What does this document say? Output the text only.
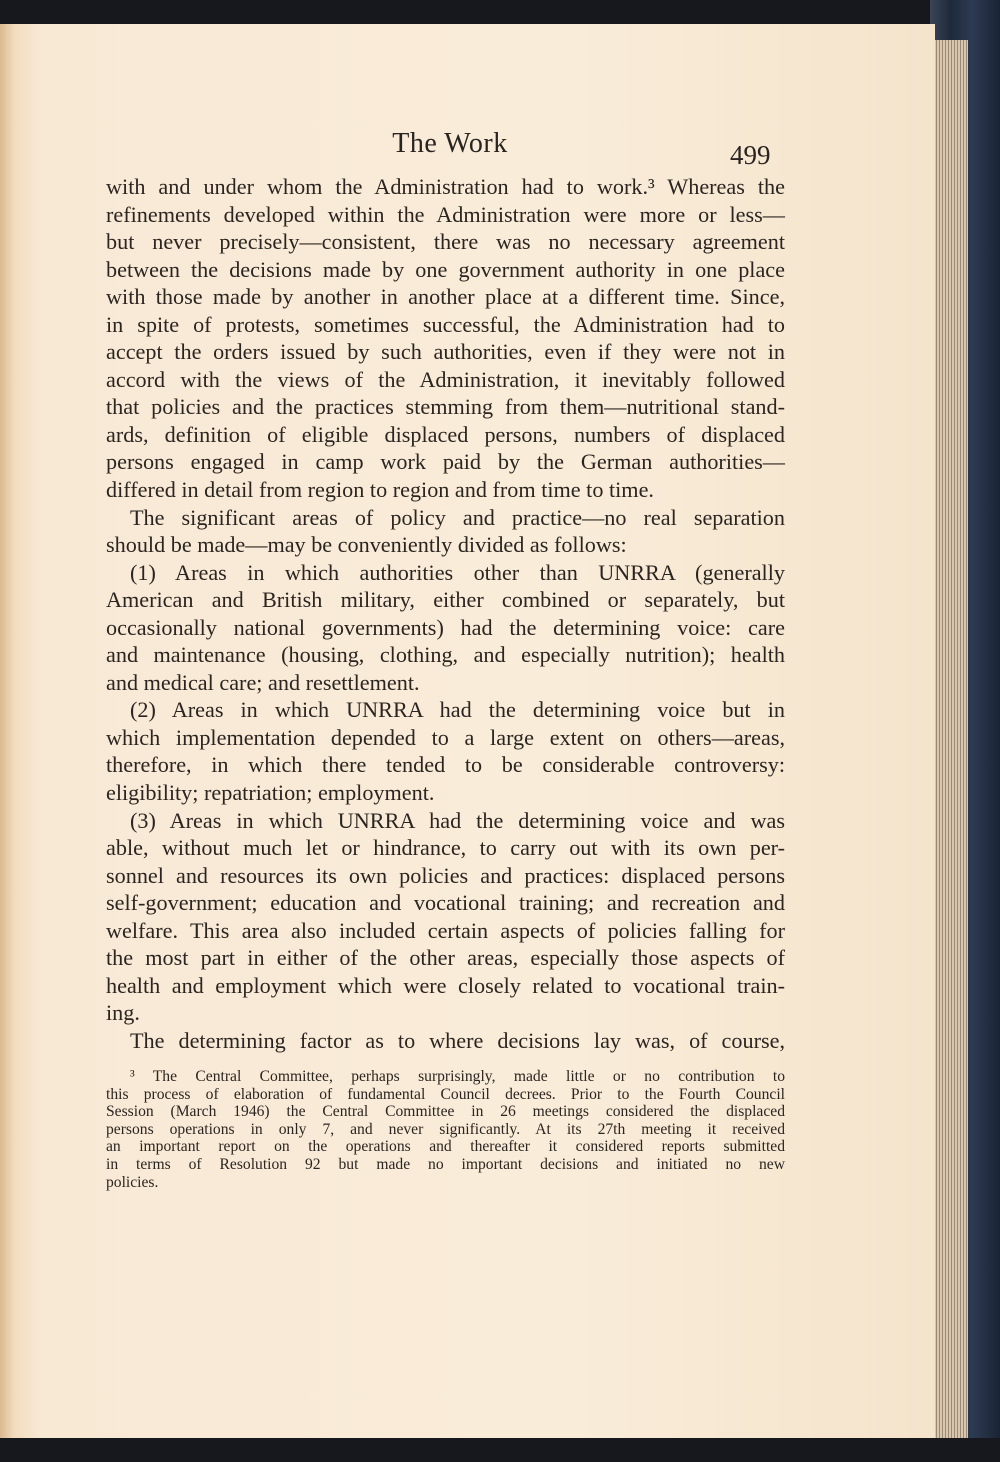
The Work	499
with and under whom the Administration had to work.³ Whereas the
refinements developed within the Administration were more or less—
but never precisely—consistent, there was no necessary agreement
between the decisions made by one government authority in one place
with those made by another in another place at a different time. Since,
in spite of protests, sometimes successful, the Administration had to
accept the orders issued by such authorities, even if they were not in
accord with the views of the Administration, it inevitably followed
that policies and the practices stemming from them—nutritional stand-
ards, definition of eligible displaced persons, numbers of displaced
persons engaged in camp work paid by the German authorities—
differed in detail from region to region and from time to time.
The significant areas of policy and practice—no real separation
should be made—may be conveniently divided as follows:
(1) Areas in which authorities other than UNRRA (generally
American and British military, either combined or separately, but
occasionally national governments) had the determining voice: care
and maintenance (housing, clothing, and especially nutrition); health
and medical care; and resettlement.
(2) Areas in which UNRRA had the determining voice but in
which implementation depended to a large extent on others—areas,
therefore, in which there tended to be considerable controversy:
eligibility; repatriation; employment.
(3) Areas in which UNRRA had the determining voice and was
able, without much let or hindrance, to carry out with its own per-
sonnel and resources its own policies and practices: displaced persons
self-government; education and vocational training; and recreation and
welfare. This area also included certain aspects of policies falling for
the most part in either of the other areas, especially those aspects of
health and employment which were closely related to vocational train-
ing.
The determining factor as to where decisions lay was, of course,
³ The Central Committee, perhaps surprisingly, made little or no contribution to
this process of elaboration of fundamental Council decrees. Prior to the Fourth Council
Session (March 1946) the Central Committee in 26 meetings considered the displaced
persons operations in only 7, and never significantly. At its 27th meeting it received
an important report on the operations and thereafter it considered reports submitted
in terms of Resolution 92 but made no important decisions and initiated no new
policies.
